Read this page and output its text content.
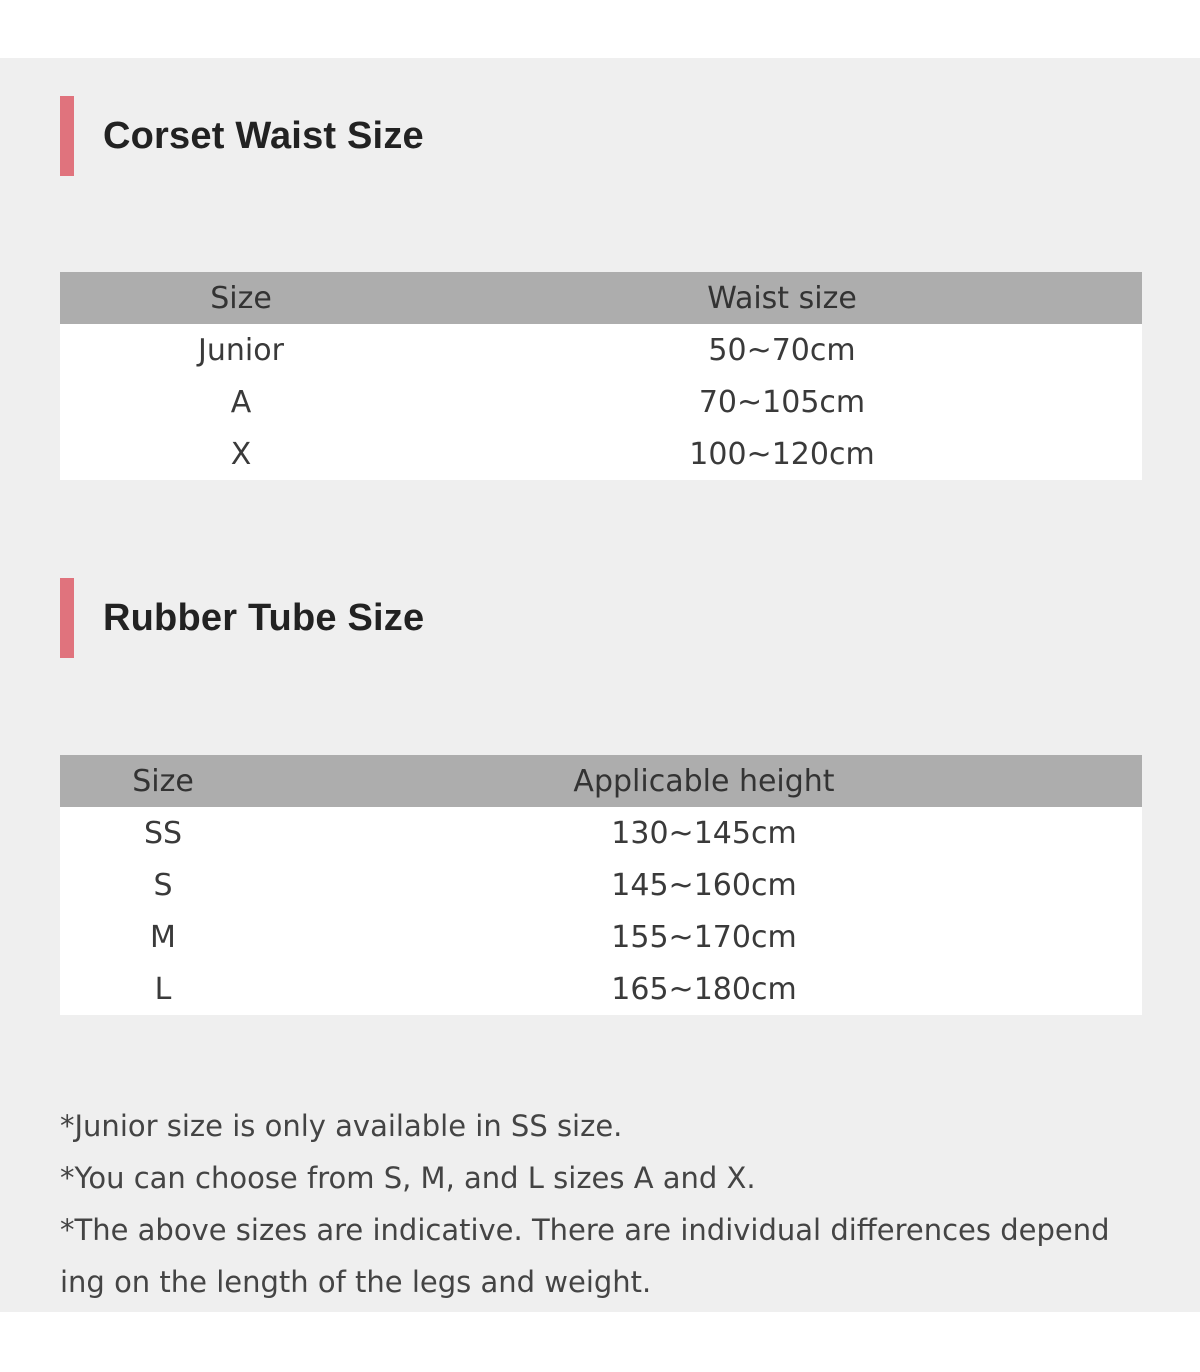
Corset Waist Size
Size	Waist size
Junior	50~70cm
A	70~105cm
X	100~120cm
Rubber Tube Size
Size	Applicable height
SS	130~145cm
S	145~160cm
M	155~170cm
L	165~180cm

*Junior size is only available in SS size.

*You can choose from S, M, and L sizes A and X.

*The above sizes are indicative. There are individual differences depend ing on the length of the legs and weight.
